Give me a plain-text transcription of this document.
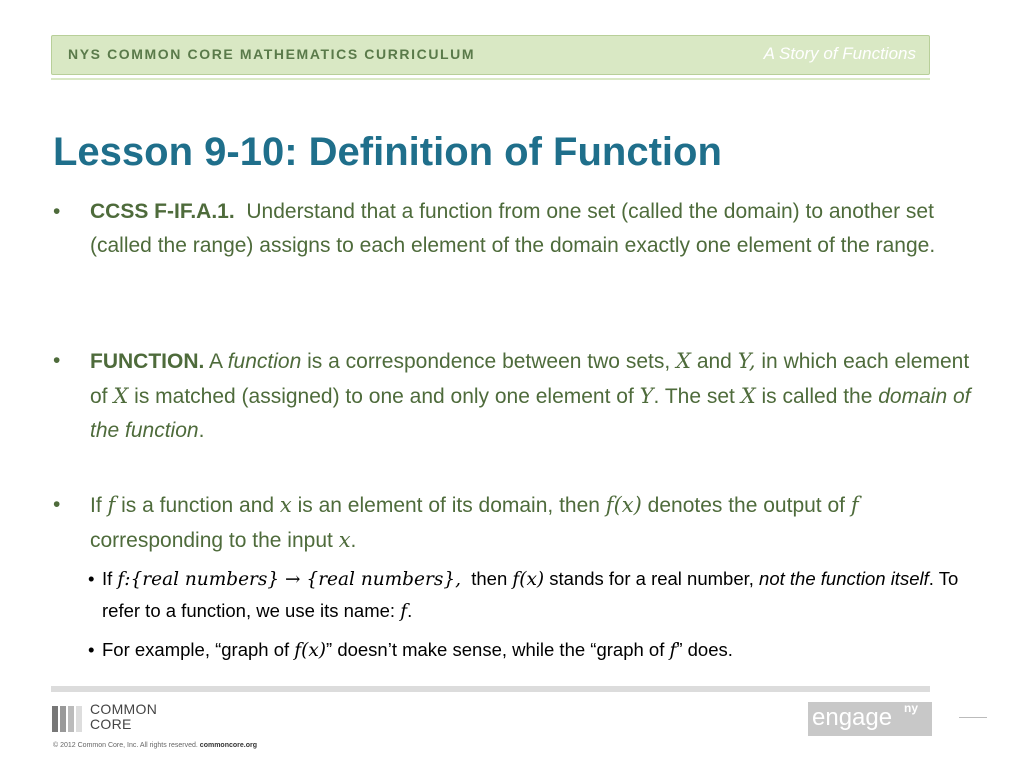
NYS COMMON CORE MATHEMATICS CURRICULUM	A Story of Functions
Lesson 9-10: Definition of Function
• CCSS F-IF.A.1. Understand that a function from one set (called the domain) to another set (called the range) assigns to each element of the domain exactly one element of the range.
• FUNCTION. A function is a correspondence between two sets, X and Y, in which each element of X is matched (assigned) to one and only one element of Y. The set X is called the domain of the function.
• If f is a function and x is an element of its domain, then f(x) denotes the output of f corresponding to the input x.
• If f:{real numbers} → {real numbers}, then f(x) stands for a real number, not the function itself. To refer to a function, we use its name: f.
• For example, “graph of f(x)” doesn’t make sense, while the “graph of f” does.
COMMON
CORE
© 2012 Common Core, Inc. All rights reserved. commoncore.org
engage ny
